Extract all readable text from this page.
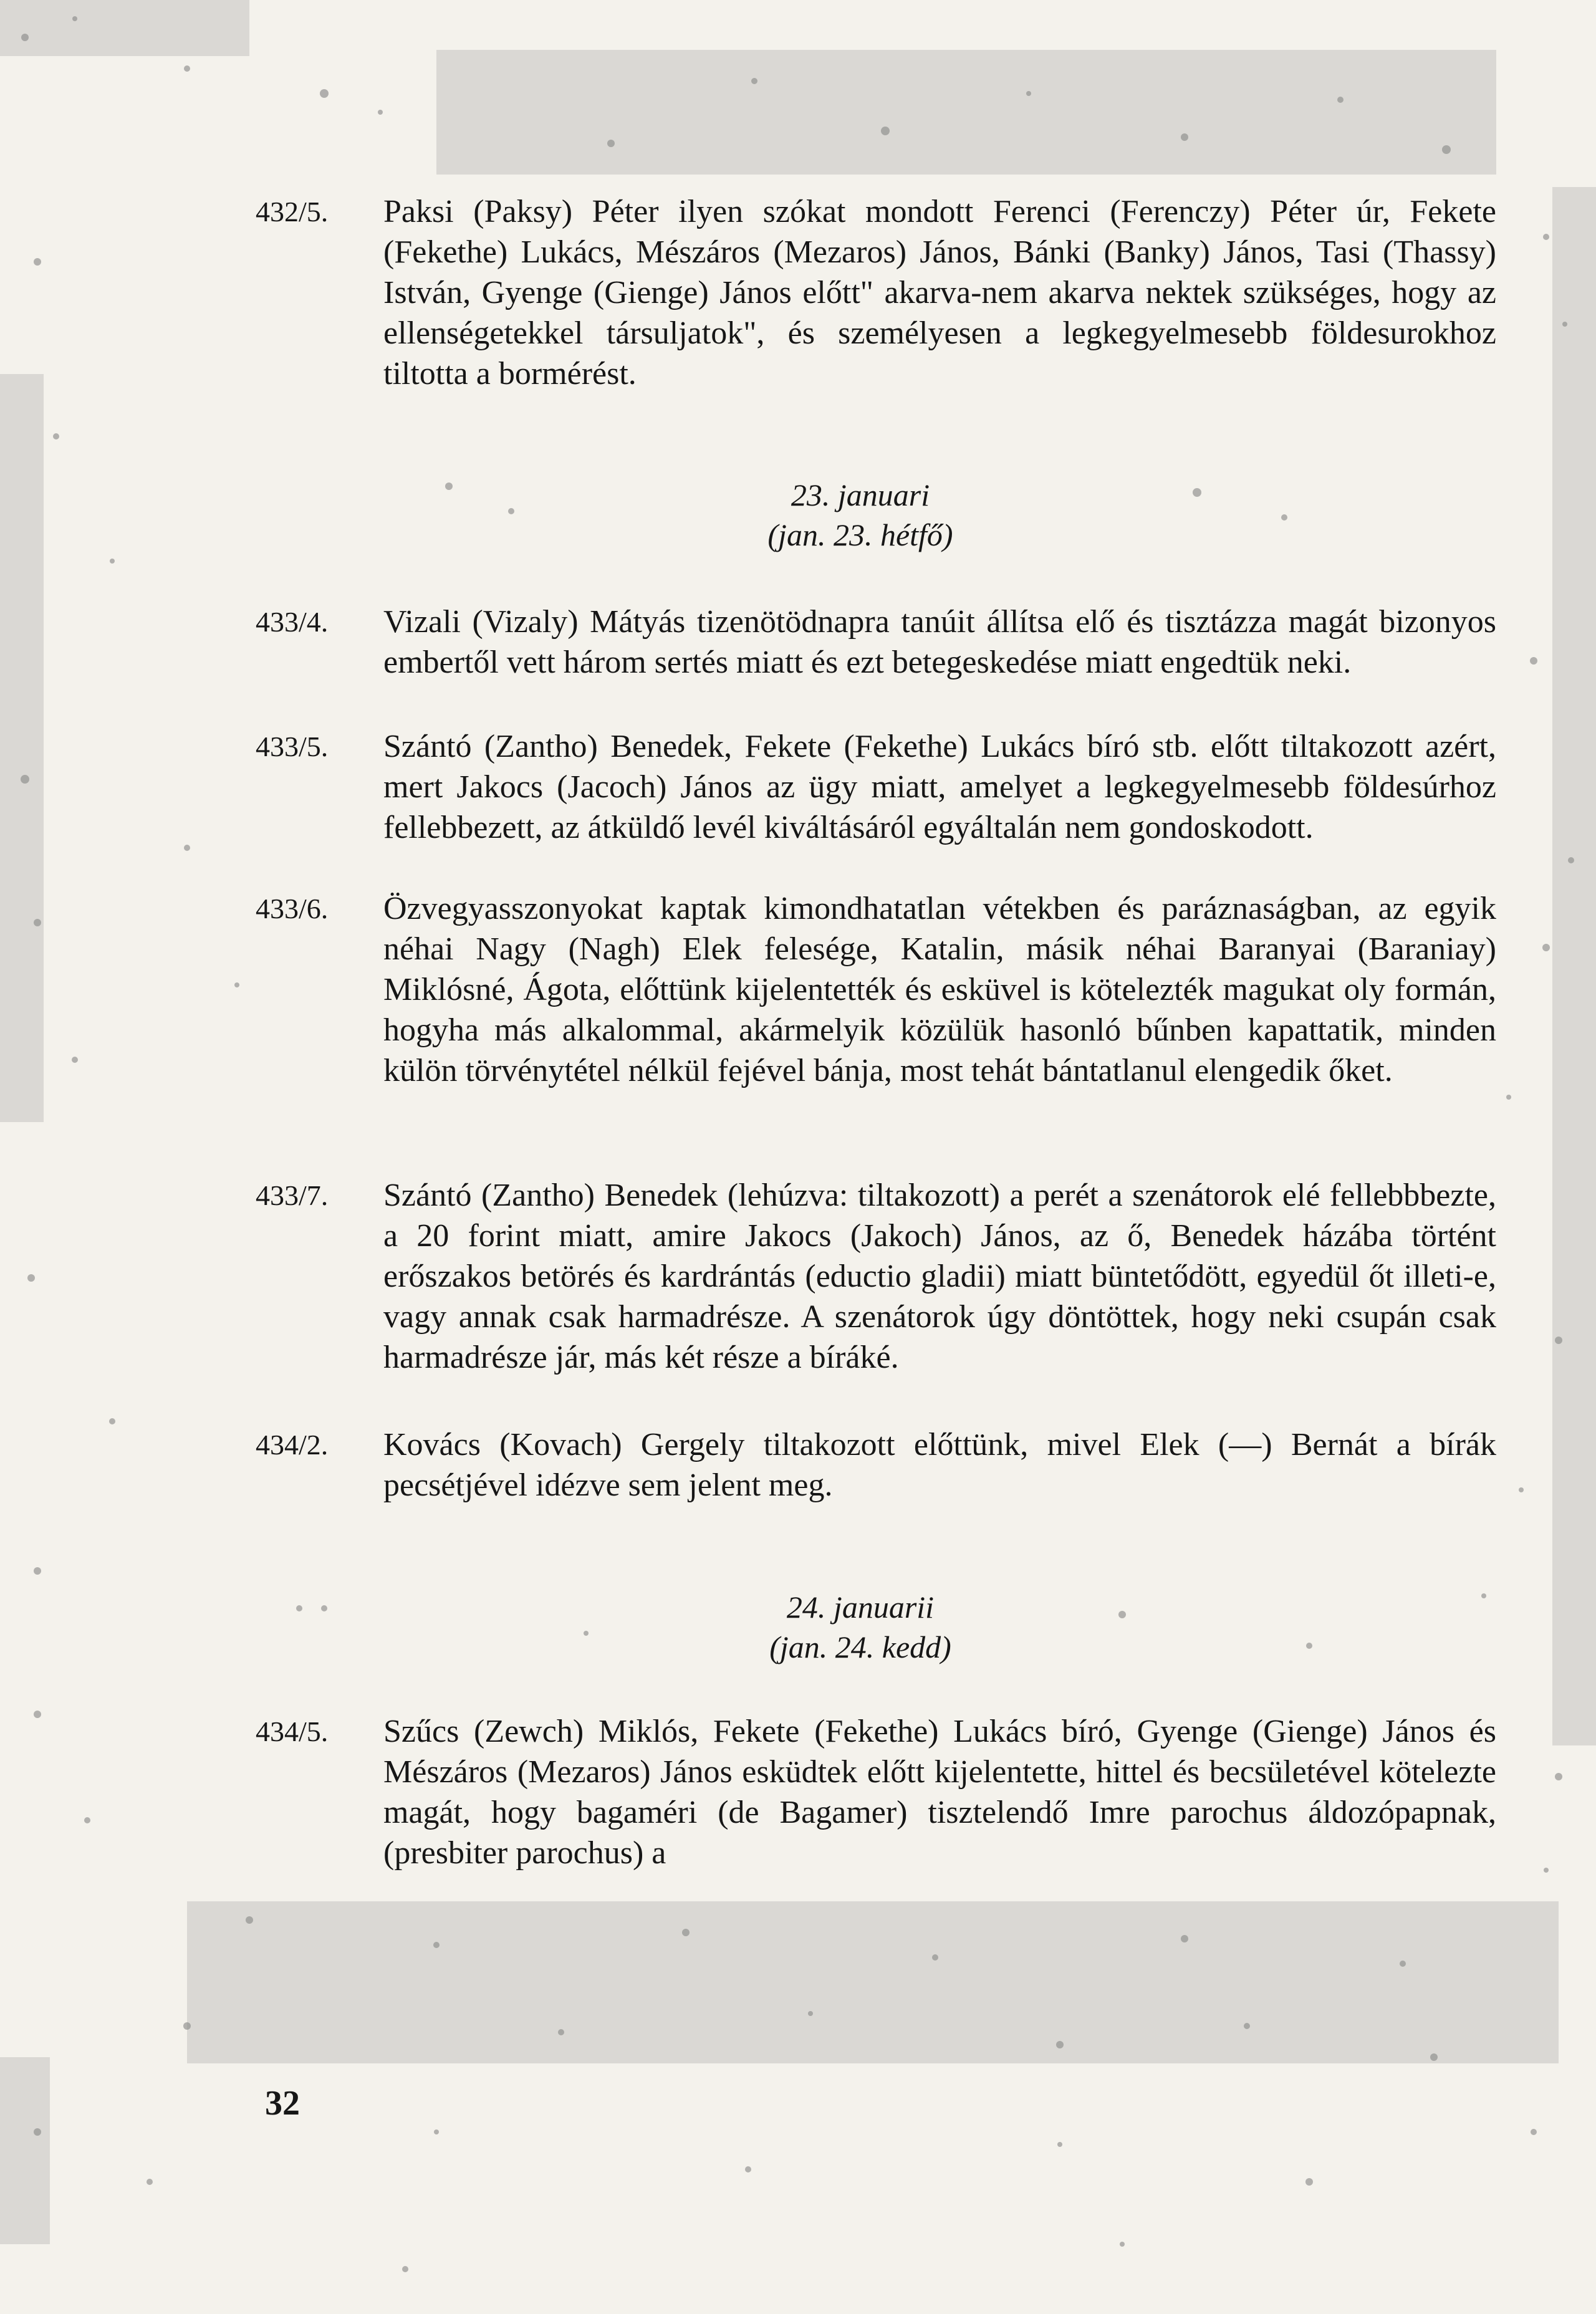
432/5.	Paksi (Paksy) Péter ilyen szókat mondott Ferenci (Ferenczy) Péter úr, Fekete (Fekethe) Lukács, Mészáros (Mezaros) János, Bánki (Banky) János, Tasi (Thassy) István, Gyenge (Gienge) János előtt" akarva-nem akarva nektek szükséges, hogy az ellenségetekkel társuljatok", és személyesen a legkegyelmesebb földesurokhoz tiltotta a bormérést.
23. januari
(jan. 23. hétfő)
433/4.	Vizali (Vizaly) Mátyás tizenötödnapra tanúit állítsa elő és tisztázza magát bizonyos embertől vett három sertés miatt és ezt betegeskedése miatt engedtük neki.
433/5.	Szántó (Zantho) Benedek, Fekete (Fekethe) Lukács bíró stb. előtt tiltakozott azért, mert Jakocs (Jacoch) János az ügy miatt, amelyet a legkegyelmesebb földesúrhoz fellebbezett, az átküldő levél kiváltásáról egyáltalán nem gondoskodott.
433/6.	Özvegyasszonyokat kaptak kimondhatatlan vétekben és paráznaságban, az egyik néhai Nagy (Nagh) Elek felesége, Katalin, másik néhai Baranyai (Baraniay) Miklósné, Ágota, előttünk kijelentették és esküvel is kötelezték magukat oly formán, hogyha más alkalommal, akármelyik közülük hasonló bűnben kapattatik, minden külön törvénytétel nélkül fejével bánja, most tehát bántatlanul elengedik őket.
433/7.	Szántó (Zantho) Benedek (lehúzva: tiltakozott) a perét a szenátorok elé fellebbbezte, a 20 forint miatt, amire Jakocs (Jakoch) János, az ő, Benedek házába történt erőszakos betörés és kardrántás (eductio gladii) miatt büntetődött, egyedül őt illeti-e, vagy annak csak harmadrésze. A szenátorok úgy döntöttek, hogy neki csupán csak harmadrésze jár, más két része a bíráké.
434/2.	Kovács (Kovach) Gergely tiltakozott előttünk, mivel Elek (—) Bernát a bírák pecsétjével idézve sem jelent meg.
24. januarii
(jan. 24. kedd)
434/5.	Szűcs (Zewch) Miklós, Fekete (Fekethe) Lukács bíró, Gyenge (Gienge) János és Mészáros (Mezaros) János esküdtek előtt kijelentette, hittel és becsületével kötelezte magát, hogy bagaméri (de Bagamer) tisztelendő Imre parochus áldozópapnak, (presbiter parochus) a
32
